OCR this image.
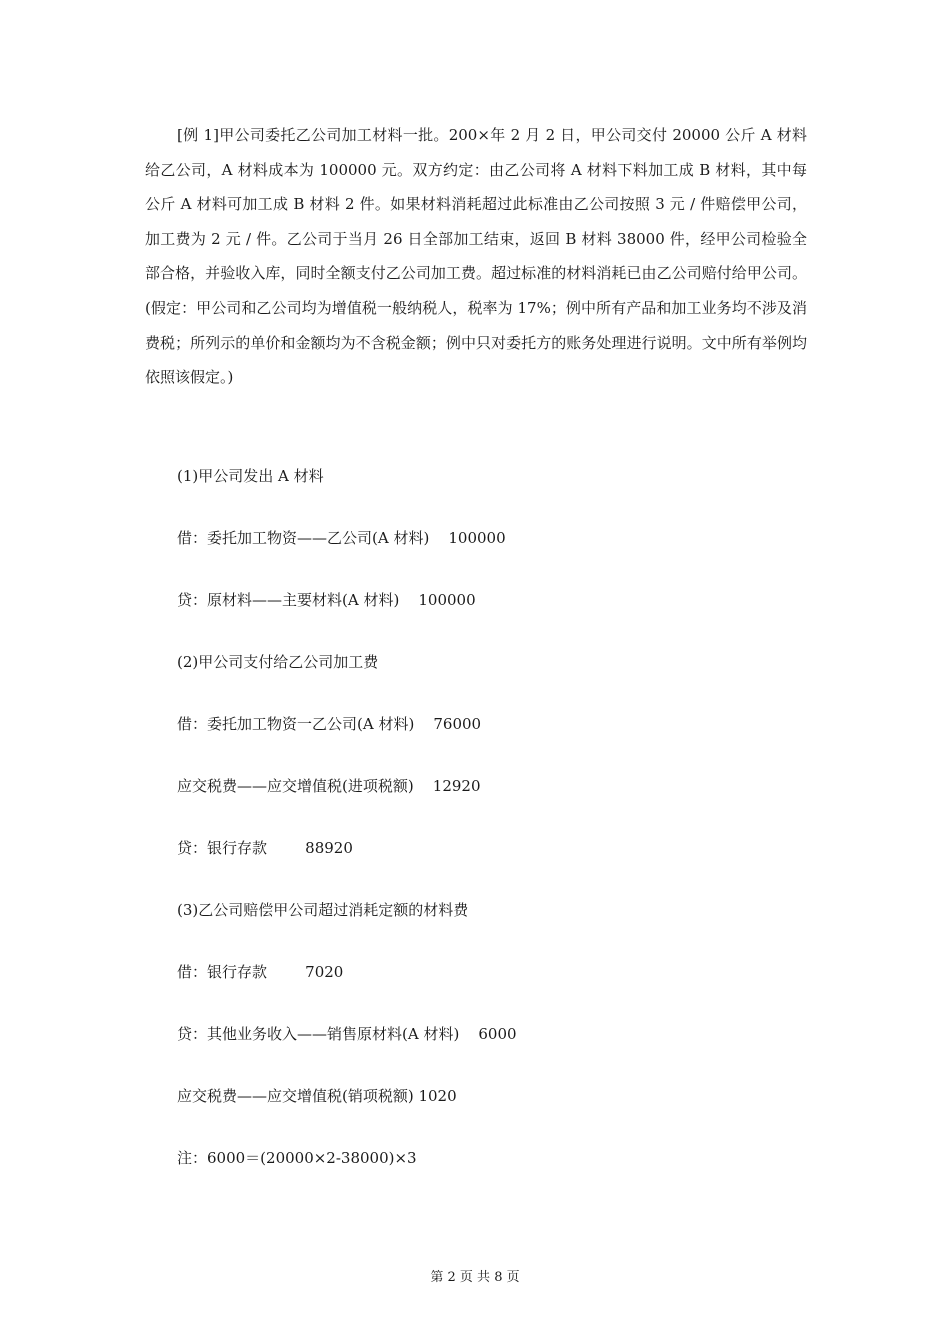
[例 1]甲公司委托乙公司加工材料一批。200×年 2 月 2 日，甲公司交付 20000 公斤 A 材料给乙公司，A 材料成本为 100000 元。双方约定：由乙公司将 A 材料下料加工成 B 材料，其中每公斤 A 材料可加工成 B 材料 2 件。如果材料消耗超过此标准由乙公司按照 3 元 / 件赔偿甲公司，加工费为 2 元 / 件。乙公司于当月 26 日全部加工结束，返回 B 材料 38000 件，经甲公司检验全部合格，并验收入库，同时全额支付乙公司加工费。超过标准的材料消耗已由乙公司赔付给甲公司。(假定：甲公司和乙公司均为增值税一般纳税人，税率为 17%；例中所有产品和加工业务均不涉及消费税；所列示的单价和金额均为不含税金额；例中只对委托方的账务处理进行说明。文中所有举例均依照该假定。)

(1)甲公司发出 A 材料

借：委托加工物资——乙公司(A 材料)    100000

贷：原材料——主要材料(A 材料)    100000

(2)甲公司支付给乙公司加工费

借：委托加工物资一乙公司(A 材料)    76000

应交税费——应交增值税(进项税额)    12920

贷：银行存款        88920

(3)乙公司赔偿甲公司超过消耗定额的材料费

借：银行存款        7020

贷：其他业务收入——销售原材料(A 材料)    6000

应交税费——应交增值税(销项税额) 1020

注：6000＝(20000×2-38000)×3

第 2 页 共 8 页
